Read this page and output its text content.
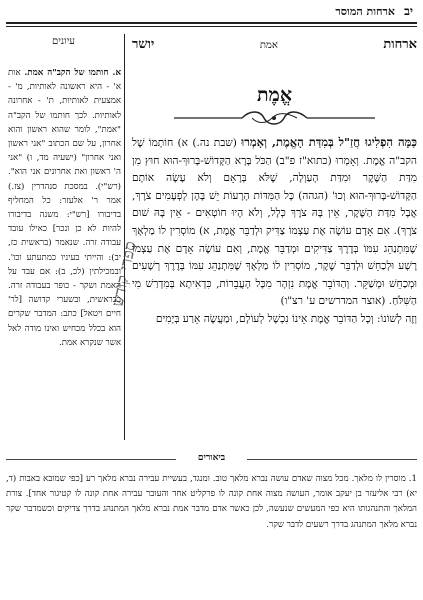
יב
ארחות המוסר
עיונים
א. חותמו של הקב"ה אמת. אות א' - היא ראשונה לאותיות, מ' - אמצעית לאותיות, ת' - אחרונה לאותיות. לכך חותמו של הקב"ה "אמת", לומר שהוא ראשון והוא אחרון, על שם הכתוב "אני ראשון ואני אחרון" (ישעיה מד, ו) "אני ה' ראשון ואת אחרונים אני הוא". (רש"י). במסכת סנהדרין (צז.) אמר ר' אלעזר: כל המחליף בדיבורו [רש"י: משנה בדיבורו להיות לא כן ונכר] כאילו עובד עבודה זרה. שנאמר (בראשית כז, יב): והייתי בעיניו כמתעתע וכו'. ובמכילתין (לכ, ב): אם עבד על האמת ושקר - כופר בעבודה זרה. בבראשית, ובשערי קדושה [לר' חיים ויטאל] כתב: המדבר שקרים הוא בכלל מכחיש ואינו מודה לאל אשר שנקרא אמת.
ארחות
אמת
יושר
אֱמֶת

כַּמָּה הִפְלִיגוּ חֲזַ"ל בְּמִדַּת הָאֱמֶת, וְאָמְרוּ (שבת נה.) א) חוֹתָמוֹ שֶׁל הקב"ה אֱמֶת. וְאָמְרוּ (כתוא"ז פ"ב) הַכֹּל בָּרָא הַקָּדוֹשׁ-בָּרוּךְ-הוּא חוּץ מִן מִדַּת הַשֶּׁקֶר וּמִדַּת הָעַוְלָה, שֶׁלֹּא בְּרָאָם וְלֹא עָשָׂה אוֹתָם הַקָּדוֹשׁ-בָּרוּךְ-הוּא וְכוּ' (הגהה) כָּל הַמִּדּוֹת הָרָעוֹת יֵשׁ בָּהֶן לְפְעָמִים צֹרֶךְ, אֲבָל מִדַּת הַשֶּׁקֶר, אֵין בָּהּ צֹרֶךְ כְּלָל, וְלֹא הָיוּ חוֹטְאִים - אֵין בָּהּ שׁוּם צֹרֶךְ). אִם אָדָם עוֹשֶׂה אֶת עַצְמוֹ צַדִּיק וּלְדַבֵּר אֱמֶת, א) מוֹסְרִין לוֹ מַלְאָךְ שֶׁמִּתְנַהֵג עִמּוֹ בְּדֶרֶךְ צַדִּיקִים וּמְדַבֵּר אֱמֶת, וְאִם עוֹשֶׂה אָדָם אֶת עַצְמוֹ רָשָׁע וּלְכַחֵשׁ וּלְדַבֵּר שֶׁקֶר, מוֹסְרִין לוֹ מַלְאָךְ שֶׁמִּתְנַהֵג עִמּוֹ בְּדֶרֶךְ רְשָׁעִים וּמְכַחֵשׁ וּמְשַׁקֵּר. וְהַדּוֹבֵר אֱמֶת נִזְהָר מִכָּל הָעֲבֵרוֹת, כִּדְאִיתָא בְּמִדְרַשׁ מִי הַשִּׁלֹּחַ. (אוצר המדרשים ע' רצ"ו)

וְזֶה לְשׁוֹנוֹ: וְכָל הַדּוֹבֵר אֱמֶת אֵינוֹ נִכְשָׁל לְעוֹלָם, וּמַעֲשֶׂה אֵרַע בְּיָמִים

ספרי קודש
ביאורים
1. מוסרין לו מלאך. מכל מצוה שאדם עושה נברא מלאך טוב. ומנגד, בעשיית עבירה נברא מלאך רע [כפי שמובא באבות (ד, יא) רבי אליעזר בן יעקב אומר, העושה מצוה אחת קונה לו פרקליט אחד והעובר עבירה אחת קונה לו קטיגור אחד]. צורת המלאך והתנהגותו היא כפי המעשים שנעשה, לכן כאשר אדם מדבר אמת נברא מלאך המתנהג בדרך צדיקים וכשמדבר שקר נברא מלאך המתנהג בדרך רשעים לדבר שקר.
